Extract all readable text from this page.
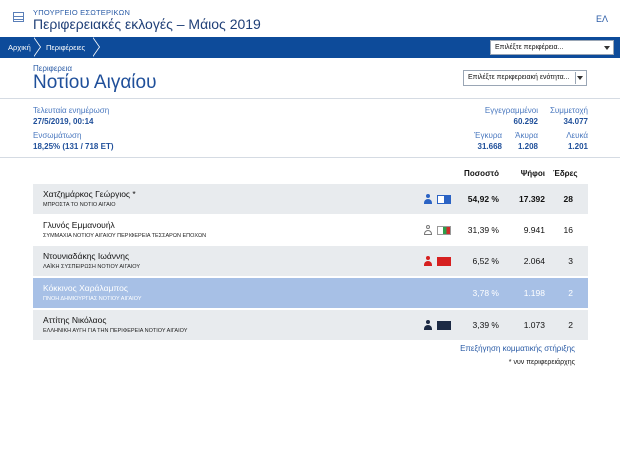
ΥΠΟΥΡΓΕΙΟ ΕΣΩΤΕΡΙΚΩΝ
Περιφερειακές εκλογές – Μάιος 2019	ΕΛ
Αρχική Περιφέρειες	Επιλέξτε περιφέρεια...
Περιφερεια
Νοτίου Αιγαίου	Επιλέξτε περιφερειακή ενότητα...
Τελευταία ενημέρωση
27/5/2019, 00:14
Ενσωμάτωση
18,25% (131 / 718 ΕΤ)
Εγγεγραμμένοι
60.292
Συμμετοχή
34.077
Έγκυρα
31.668
Άκυρα
1.208
Λευκά
1.201
Ποσοστό	Ψήφοι Έδρες
Χατζημάρκος Γεώργιος *
ΜΠΡΟΣΤΑ ΤΟ ΝΟΤΙΟ ΑΙΓΑΙΟ
54,92 %	17.392	28
Γλυνός Εμμανουήλ
ΣΥΜΜΑΧΙΑ ΝΟΤΙΟΥ ΑΙΓΑΙΟΥ ΠΕΡΙΦΕΡΕΙΑ ΤΕΣΣΑΡΩΝ ΕΠΟΧΩΝ
31,39 %	9.941	16
Ντουνιαδάκης Ιωάννης
ΛΑΪΚΗ ΣΥΣΠΕΙΡΩΣΗ ΝΟΤΙΟΥ ΑΙΓΑΙΟΥ
6,52 %	2.064	3
Κόκκινος Χαράλαμπος
ΠΝΟΗ ΔΗΜΙΟΥΡΓΙΑΣ ΝΟΤΙΟΥ ΑΙΓΑΙΟΥ
3,78 %	1.198	2
Αττίτης Νικόλαος
ΕΛΛΗΝΙΚΗ ΑΥΓΗ ΓΙΑ ΤΗΝ ΠΕΡΙΦΕΡΕΙΑ ΝΟΤΙΟΥ ΑΙΓΑΙΟΥ
3,39 %	1.073	2
Επεξήγηση κομματικής στήριξης
* νυν περιφερειάρχης
